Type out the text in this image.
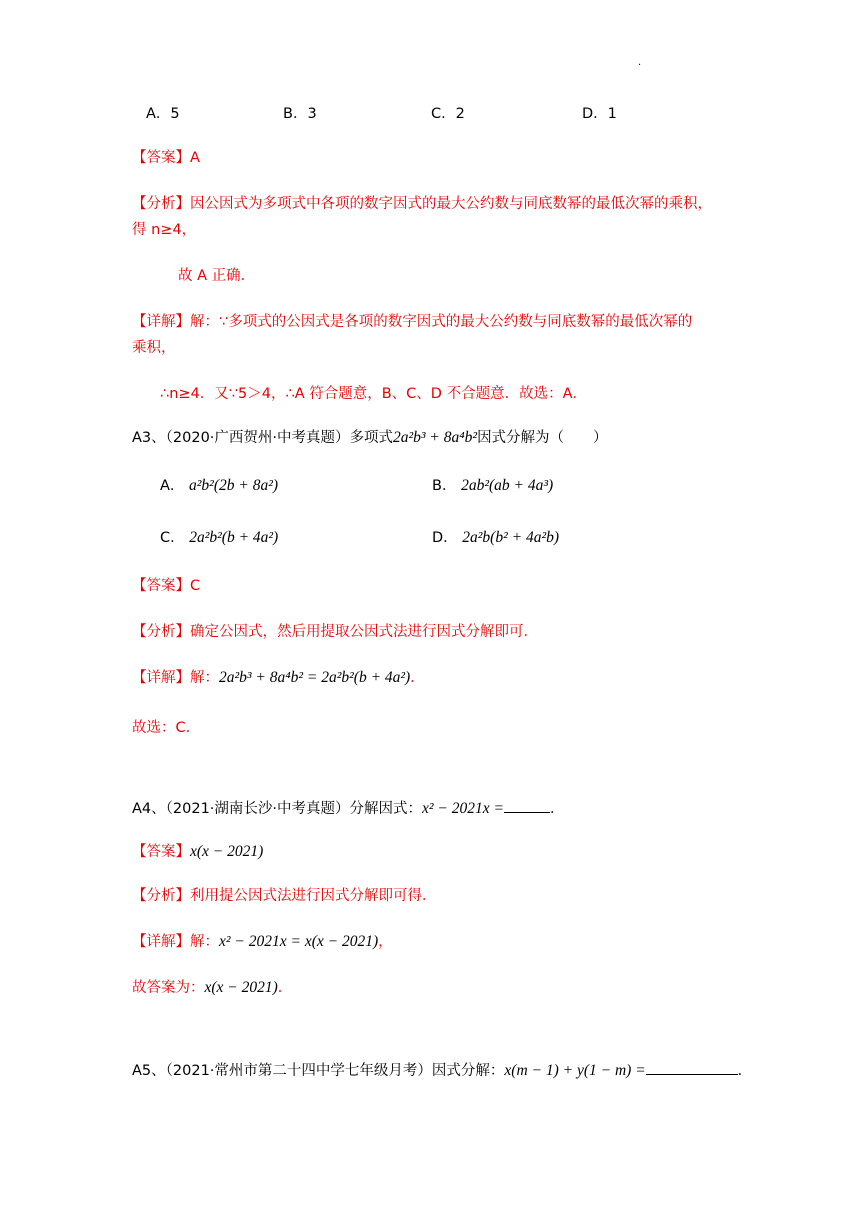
·
A．5	B．3	C．2	D．1
【答案】A
【分析】因公因式为多项式中各项的数字因式的最大公约数与同底数幂的最低次幂的乘积，
得 n≥4，
故 A 正确．
【详解】解：∵多项式的公因式是各项的数字因式的最大公约数与同底数幂的最低次幂的
乘积，
∴n≥4．又∵5＞4，∴A 符合题意，B、C、D 不合题意．故选：A．
A3、（2020·广西贺州·中考真题）多项式2a²b³ + 8a⁴b²因式分解为（　　）
A． a²b²(2b + 8a²)	B． 2ab²(ab + 4a³)
C． 2a²b²(b + 4a²)	D． 2a²b(b² + 4a²b)
【答案】C
【分析】确定公因式，然后用提取公因式法进行因式分解即可．
【详解】解：2a²b³ + 8a⁴b² = 2a²b²(b + 4a²)．
故选：C．
A4、（2021·湖南长沙·中考真题）分解因式：x² − 2021x =	．
【答案】x(x − 2021)
【分析】利用提公因式法进行因式分解即可得．
【详解】解：x² − 2021x = x(x − 2021)，
故答案为：x(x − 2021)．
A5、（2021·常州市第二十四中学七年级月考）因式分解：x(m − 1) + y(1 − m) =	．
